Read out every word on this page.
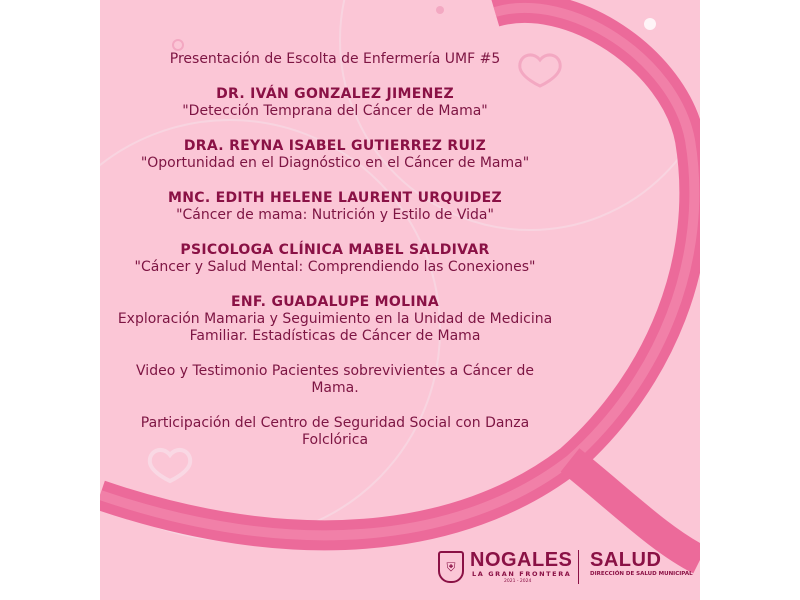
Presentación de Escolta de Enfermería UMF #5
DR. IVÁN GONZALEZ JIMENEZ
"Detección Temprana del Cáncer de Mama"
DRA. REYNA ISABEL GUTIERREZ RUIZ
"Oportunidad en el Diagnóstico en el Cáncer de Mama"
MNC. EDITH HELENE LAURENT URQUIDEZ
"Cáncer de mama: Nutrición y Estilo de Vida"
PSICOLOGA CLÍNICA MABEL SALDIVAR
"Cáncer y Salud Mental: Comprendiendo las Conexiones"
ENF. GUADALUPE MOLINA
Exploración Mamaria y Seguimiento en la Unidad de Medicina Familiar. Estadísticas de Cáncer de Mama
Video y Testimonio Pacientes sobrevivientes a Cáncer de Mama.
Participación del Centro de Seguridad Social con Danza Folclórica
⛨ NOGALES
LA GRAN FRONTERA
2021 - 2024
SALUD
DIRECCIÓN DE SALUD MUNICIPAL
